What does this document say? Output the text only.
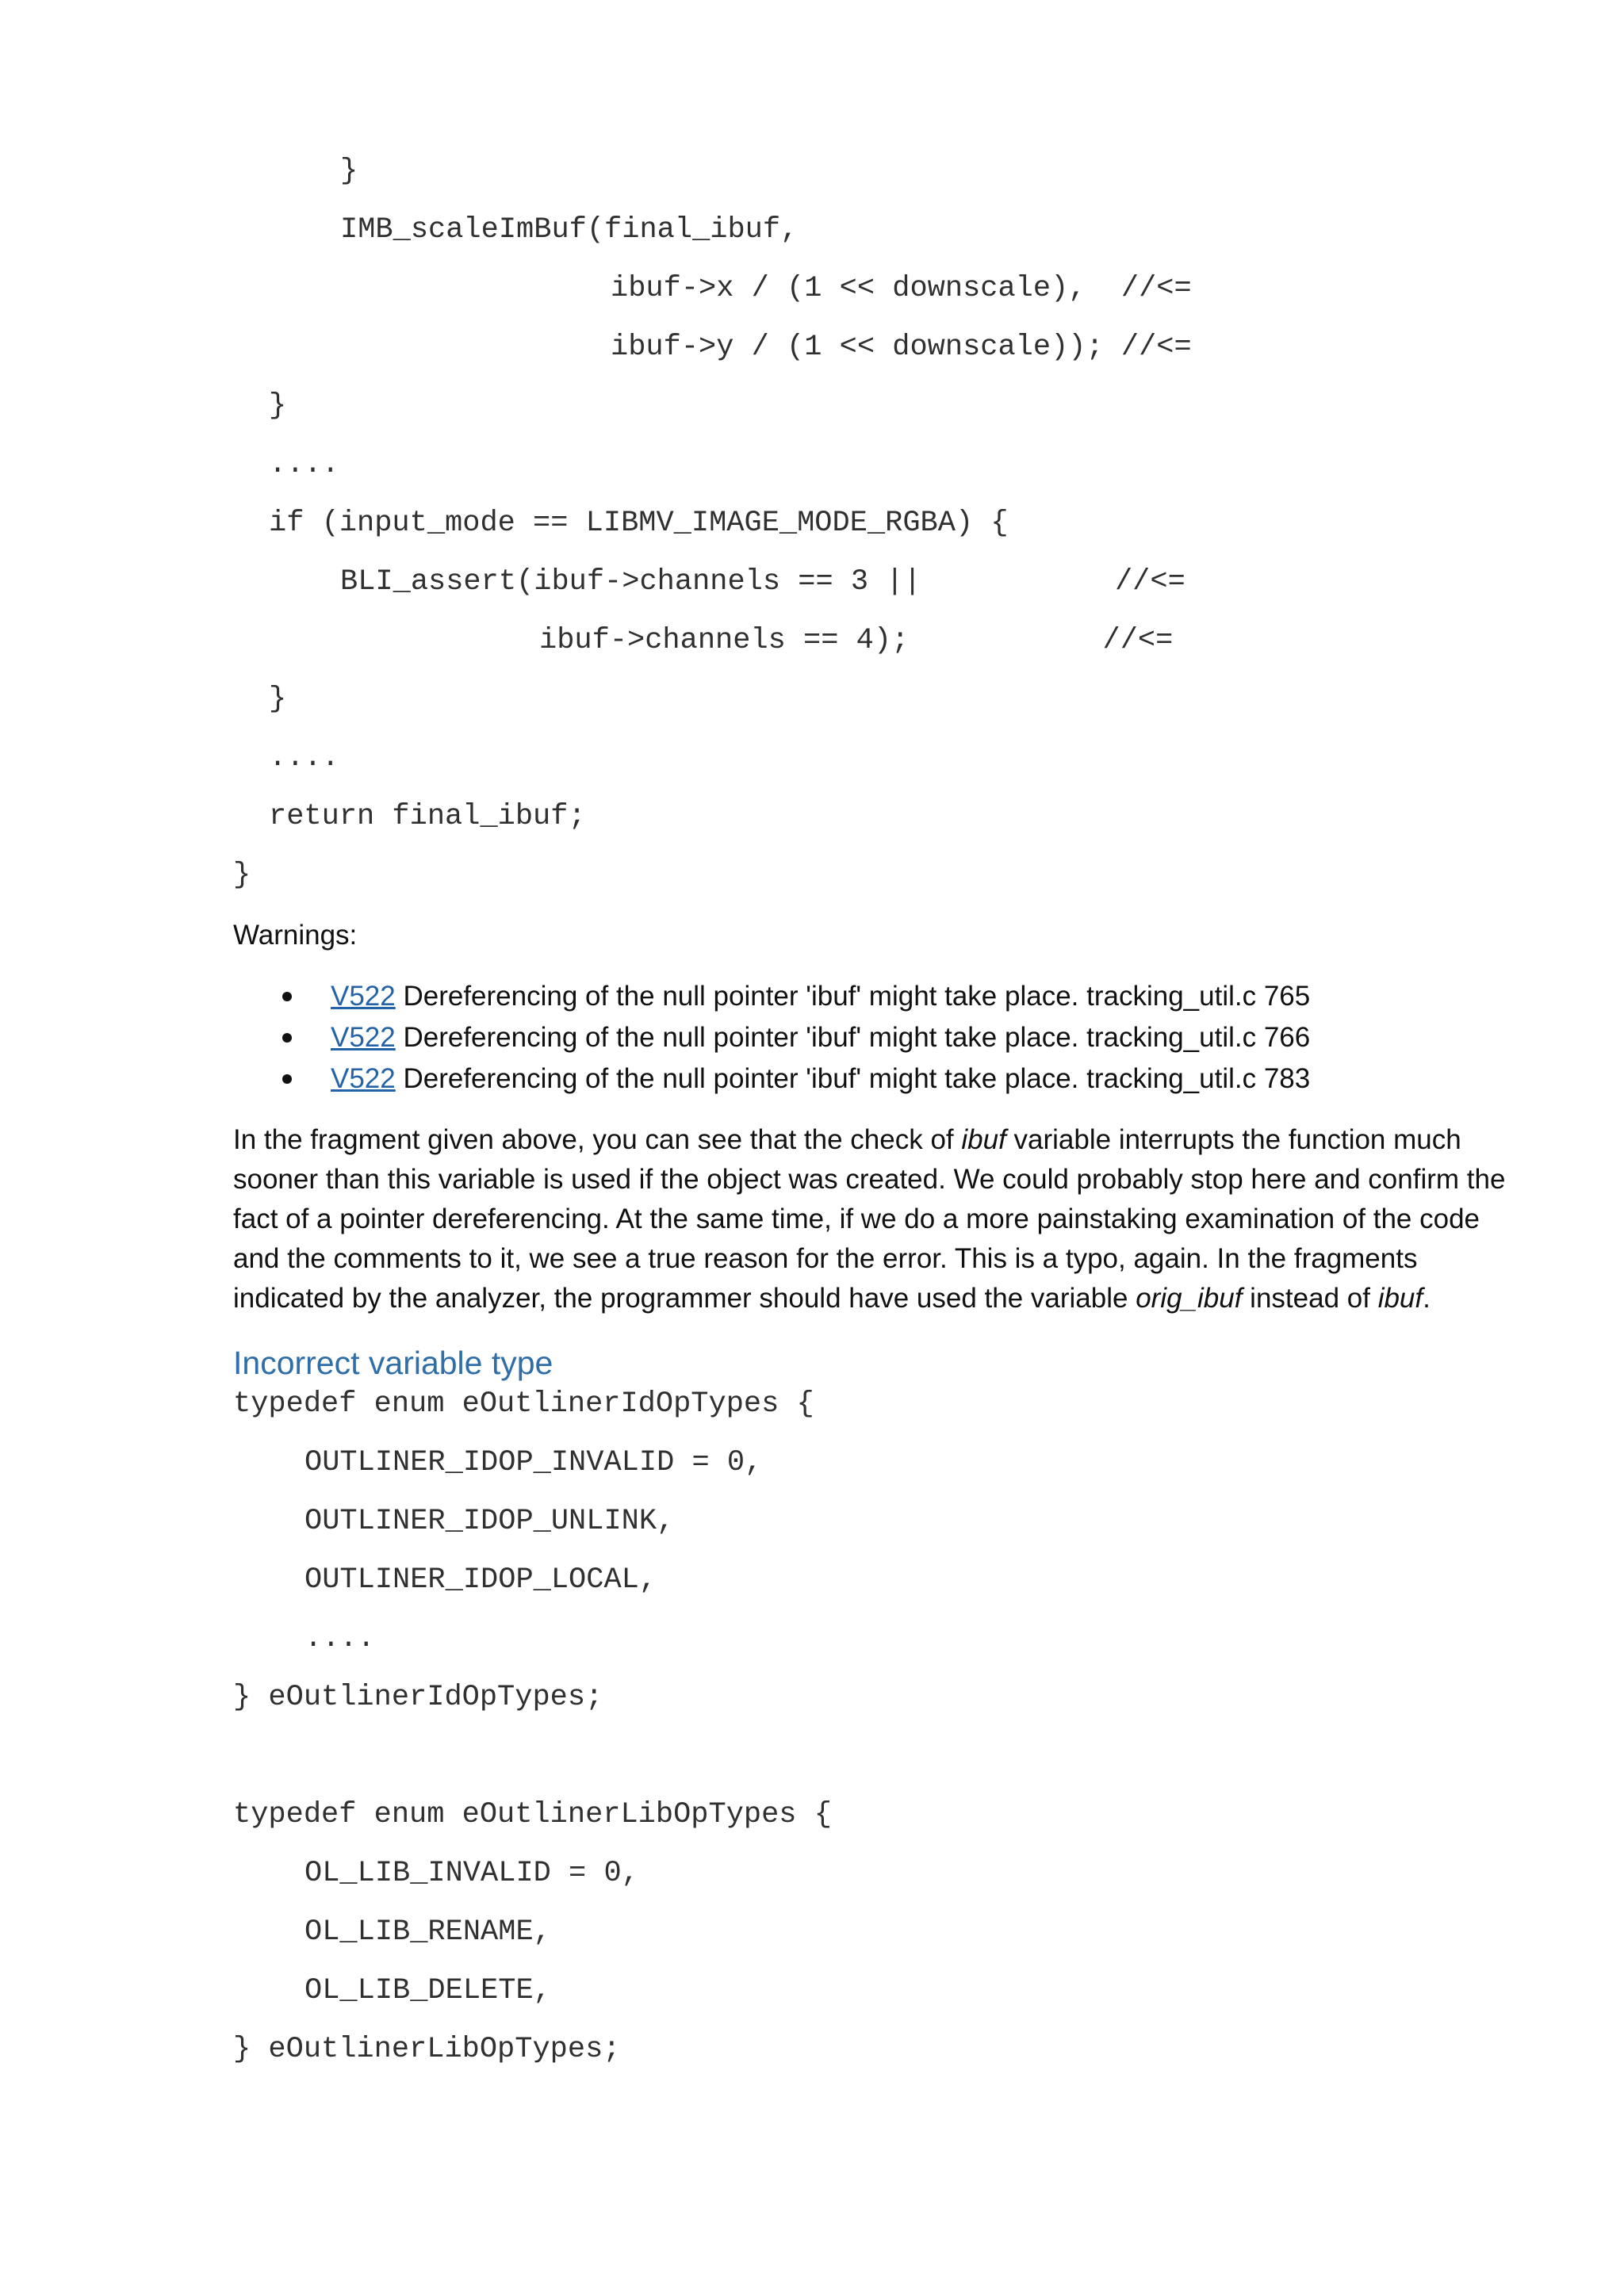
}
IMB_scaleImBuf(final_ibuf,
ibuf->x / (1 << downscale),  //<=
ibuf->y / (1 << downscale)); //<=
}
....
if (input_mode == LIBMV_IMAGE_MODE_RGBA) {
BLI_assert(ibuf->channels == 3 ||           //<=
ibuf->channels == 4);           //<=
}
....
return final_ibuf;
}
Warnings:
V522 Dereferencing of the null pointer 'ibuf' might take place. tracking_util.c 765
V522 Dereferencing of the null pointer 'ibuf' might take place. tracking_util.c 766
V522 Dereferencing of the null pointer 'ibuf' might take place. tracking_util.c 783

In the fragment given above, you can see that the check of ibuf variable interrupts the function much sooner than this variable is used if the object was created. We could probably stop here and confirm the fact of a pointer dereferencing. At the same time, if we do a more painstaking examination of the code and the comments to it, we see a true reason for the error. This is a typo, again. In the fragments indicated by the analyzer, the programmer should have used the variable orig_ibuf instead of ibuf.

Incorrect variable type
typedef enum eOutlinerIdOpTypes {
OUTLINER_IDOP_INVALID = 0,
OUTLINER_IDOP_UNLINK,
OUTLINER_IDOP_LOCAL,
....
} eOutlinerIdOpTypes;
typedef enum eOutlinerLibOpTypes {
OL_LIB_INVALID = 0,
OL_LIB_RENAME,
OL_LIB_DELETE,
} eOutlinerLibOpTypes;
